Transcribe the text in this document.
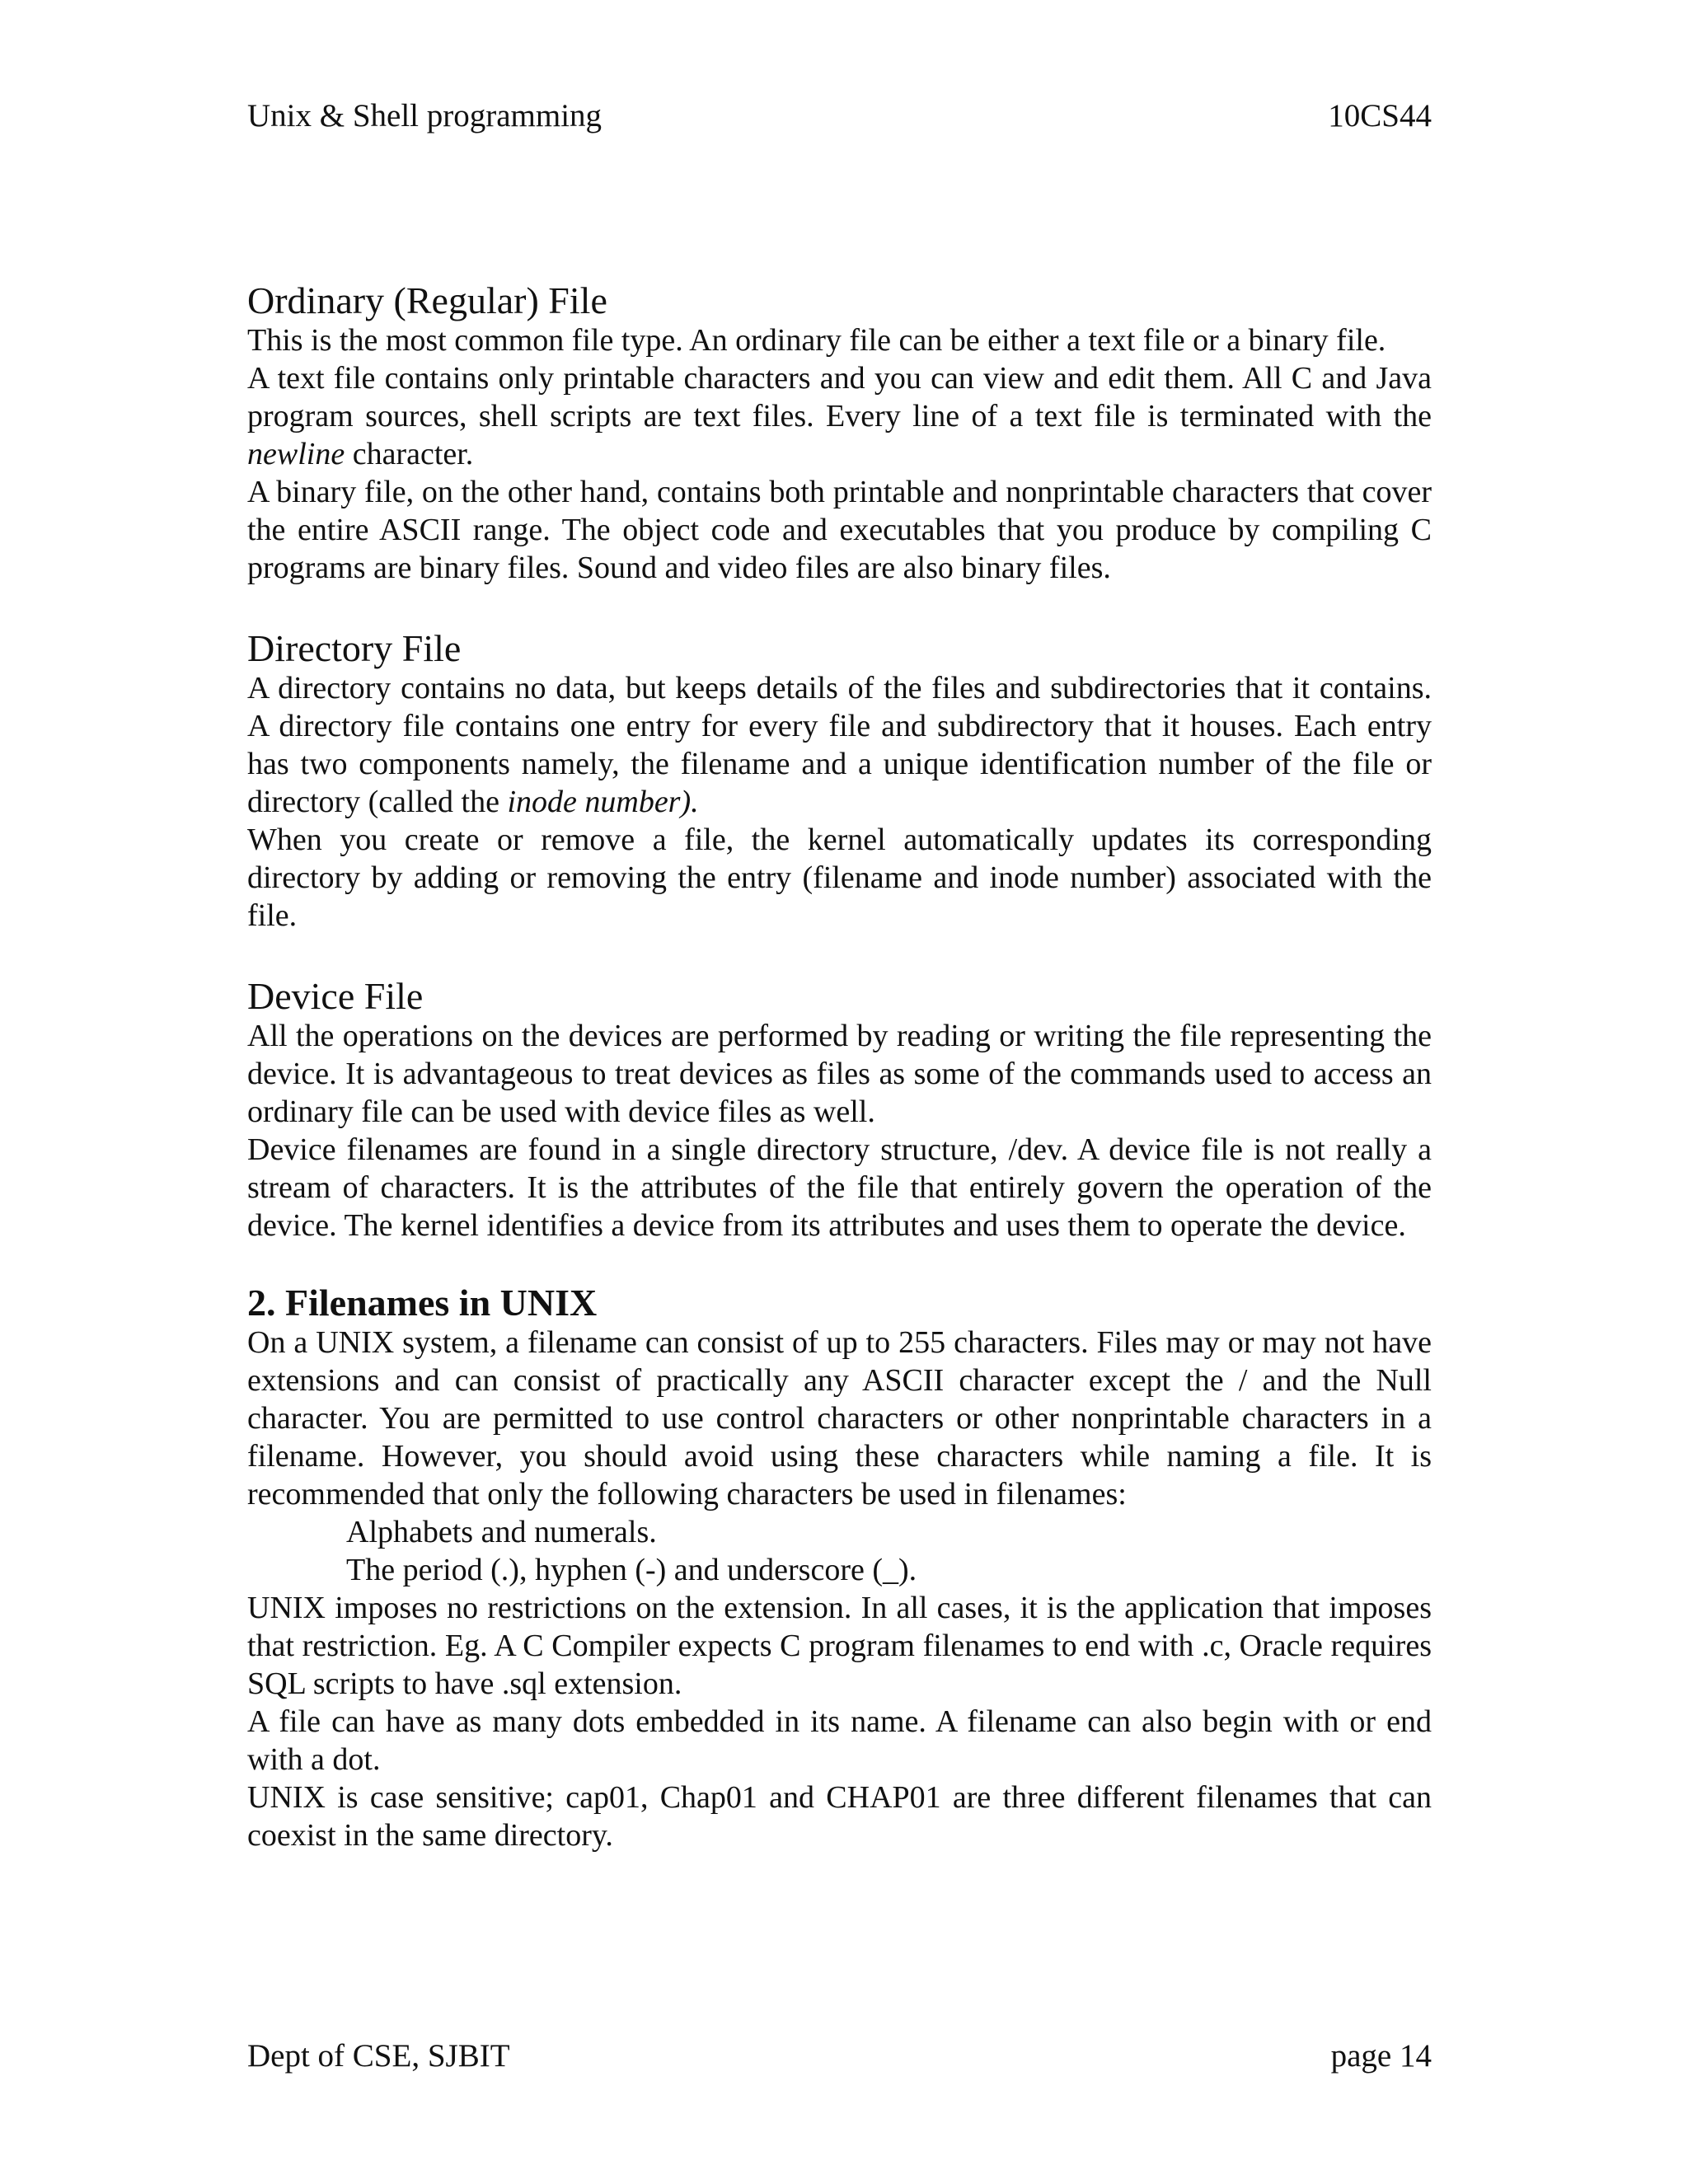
Unix & Shell programming	10CS44
Ordinary (Regular) File

This is the most common file type. An ordinary file can be either a text file or a binary file.

A text file contains only printable characters and you can view and edit them. All C and Java program sources, shell scripts are text files. Every line of a text file is terminated with the newline character.

A binary file, on the other hand, contains both printable and nonprintable characters that cover the entire ASCII range. The object code and executables that you produce by compiling C programs are binary files. Sound and video files are also binary files.

Directory File

A directory contains no data, but keeps details of the files and subdirectories that it contains. A directory file contains one entry for every file and subdirectory that it houses. Each entry has two components namely, the filename and a unique identification number of the file or directory (called the inode number).

When you create or remove a file, the kernel automatically updates its corresponding directory by adding or removing the entry (filename and inode number) associated with the file.

Device File

All the operations on the devices are performed by reading or writing the file representing the device. It is advantageous to treat devices as files as some of the commands used to access an ordinary file can be used with device files as well.

Device filenames are found in a single directory structure, /dev. A device file is not really a stream of characters. It is the attributes of the file that entirely govern the operation of the device. The kernel identifies a device from its attributes and uses them to operate the device.

2. Filenames in UNIX

On a UNIX system, a filename can consist of up to 255 characters. Files may or may not have extensions and can consist of practically any ASCII character except the / and the Null character. You are permitted to use control characters or other nonprintable characters in a filename. However, you should avoid using these characters while naming a file. It is recommended that only the following characters be used in filenames:

Alphabets and numerals.

The period (.), hyphen (-) and underscore (_).

UNIX imposes no restrictions on the extension. In all cases, it is the application that imposes that restriction. Eg. A C Compiler expects C program filenames to end with .c, Oracle requires SQL scripts to have .sql extension.

A file can have as many dots embedded in its name. A filename can also begin with or end with a dot.

UNIX is case sensitive; cap01, Chap01 and CHAP01 are three different filenames that can coexist in the same directory.

Dept of CSE, SJBIT	page 14
